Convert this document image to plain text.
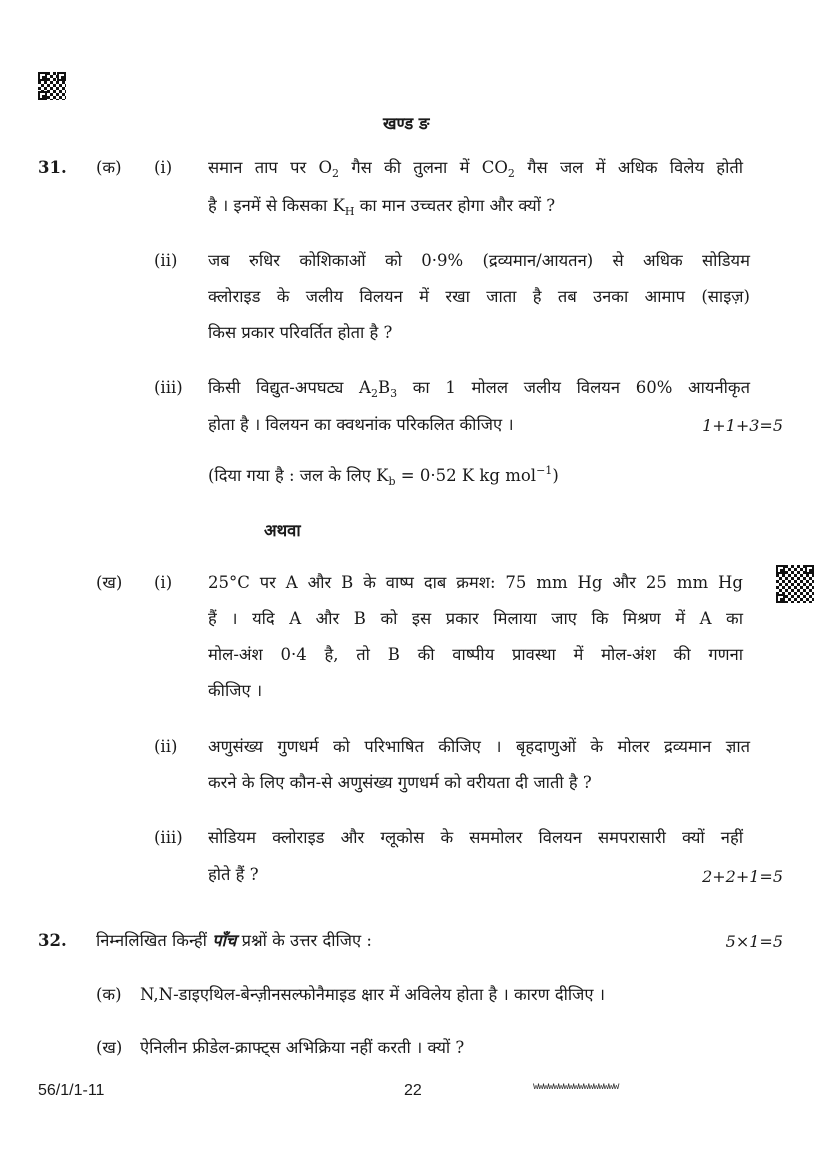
खण्ड ङ
31. (क) (i) समान ताप पर $O_2$ गैस की तुलना में $CO_2$ गैस जल में अधिक विलेय होती
है । इनमें से किसका $K_H$ का मान उच्चतर होगा और क्यों ?
(ii) जब रुधिर कोशिकाओं को 0·9% (द्रव्यमान/आयतन) से अधिक सोडियम
क्लोराइड के जलीय विलयन में रखा जाता है तब उनका आमाप (साइज़)
किस प्रकार परिवर्तित होता है ?
(iii) किसी विद्युत-अपघट्य $A_2B_3$ का 1 मोलल जलीय विलयन 60% आयनीकृत
होता है । विलयन का क्वथनांक परिकलित कीजिए ।	1+1+3=5
(दिया गया है : जल के लिए $K_b = 0\cdot 52$ K kg mol$^{-1}$)
अथवा
(ख) (i) 25°C पर A और B के वाष्प दाब क्रमश: 75 mm Hg और 25 mm Hg
हैं । यदि A और B को इस प्रकार मिलाया जाए कि मिश्रण में A का
मोल-अंश 0·4 है, तो B की वाष्पीय प्रावस्था में मोल-अंश की गणना
कीजिए ।
(ii) अणुसंख्य गुणधर्म को परिभाषित कीजिए । बृहदाणुओं के मोलर द्रव्यमान ज्ञात
करने के लिए कौन-से अणुसंख्य गुणधर्म को वरीयता दी जाती है ?
(iii) सोडियम क्लोराइड और ग्लूकोस के सममोलर विलयन समपरासारी क्यों नहीं
होते हैं ?	2+2+1=5
32. निम्नलिखित किन्हीं पाँच प्रश्नों के उत्तर दीजिए :	5×1=5
(क) N,N-डाइएथिल-बेन्ज़ीनसल्फोनैमाइड क्षार में अविलेय होता है । कारण दीजिए ।
(ख) ऐनिलीन फ्रीडेल-क्राफ्ट्स अभिक्रिया नहीं करती । क्यों ?
56/1/1-11	22	wwwwwwwwwwwwwwwww
